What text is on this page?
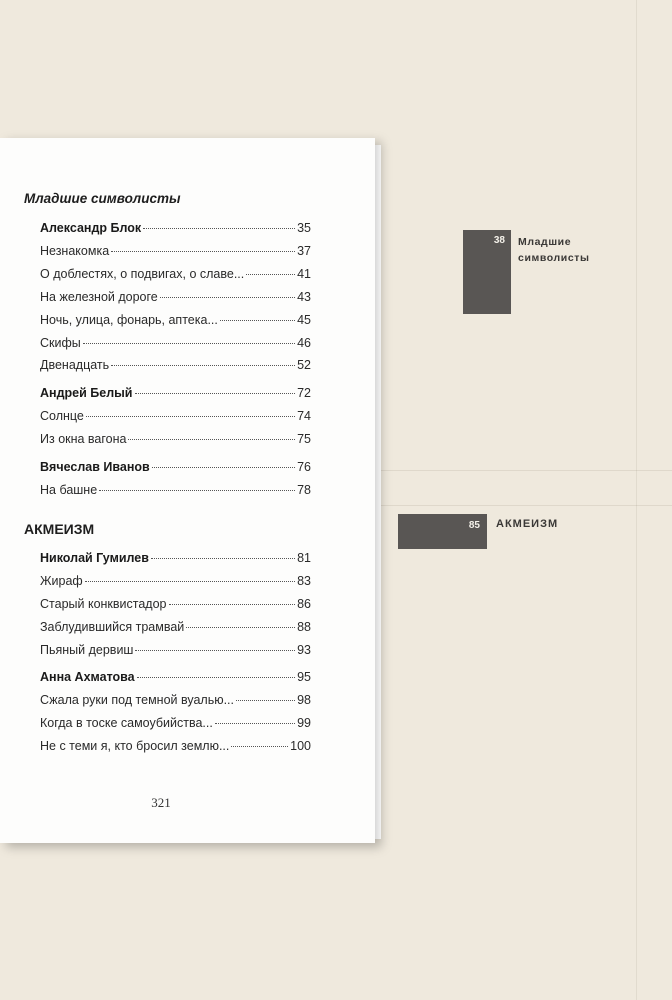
38 Младшие
символисты
85 АКМЕИЗМ
Младшие символисты
Александр Блок	35
Незнакомка	37
О доблестях, о подвигах, о славе...	41
На железной дороге	43
Ночь, улица, фонарь, аптека...	45
Скифы	46
Двенадцать	52
Андрей Белый	72
Солнце	74
Из окна вагона	75
Вячеслав Иванов	76
На башне	78
АКМЕИЗМ
Николай Гумилев	81
Жираф	83
Старый конквистадор	86
Заблудившийся трамвай	88
Пьяный дервиш	93
Анна Ахматова	95
Сжала руки под темной вуалью...	98
Когда в тоске самоубийства...	99
Не с теми я, кто бросил землю...	100
321
